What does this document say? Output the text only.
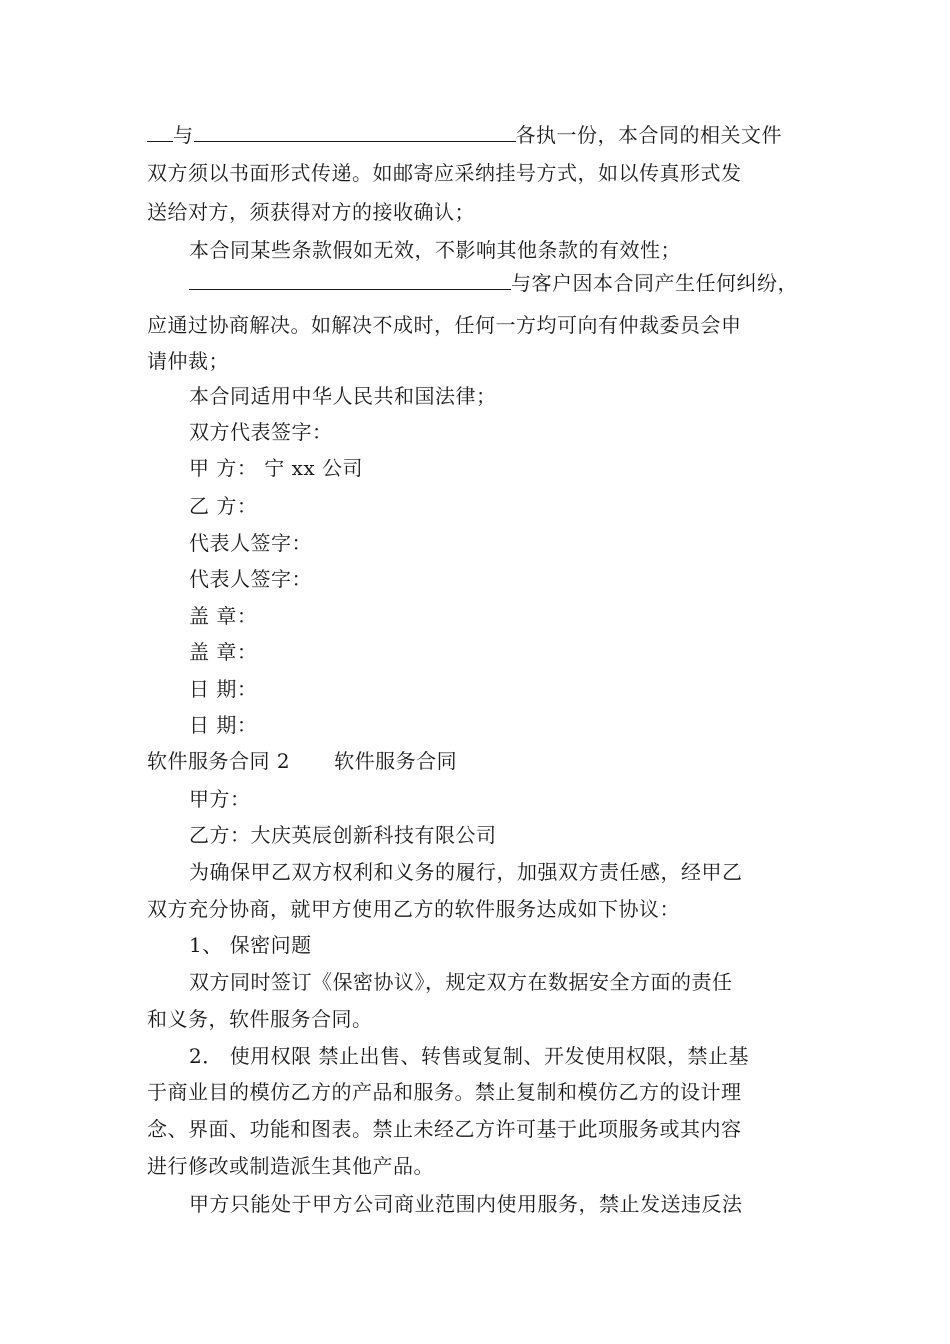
与	各执一份，本合同的相关文件
双方须以书面形式传递。如邮寄应采纳挂号方式，如以传真形式发
送给对方，须获得对方的接收确认；
本合同某些条款假如无效，不影响其他条款的有效性；
与客户因本合同产生任何纠纷，
应通过协商解决。如解决不成时，任何一方均可向有仲裁委员会申
请仲裁；
本合同适用中华人民共和国法律；
双方代表签字：
甲 方： 宁 xx 公司
乙 方：
代表人签字：
代表人签字：
盖 章：
盖 章：
日 期：
日 期：
软件服务合同 2 软件服务合同
甲方：
乙方：大庆英辰创新科技有限公司
为确保甲乙双方权利和义务的履行，加强双方责任感，经甲乙
双方充分协商，就甲方使用乙方的软件服务达成如下协议：
1、 保密问题
双方同时签订《保密协议》，规定双方在数据安全方面的责任
和义务，软件服务合同。
2． 使用权限 禁止出售、转售或复制、开发使用权限，禁止基
于商业目的模仿乙方的产品和服务。禁止复制和模仿乙方的设计理
念、界面、功能和图表。禁止未经乙方许可基于此项服务或其内容
进行修改或制造派生其他产品。
甲方只能处于甲方公司商业范围内使用服务，禁止发送违反法
